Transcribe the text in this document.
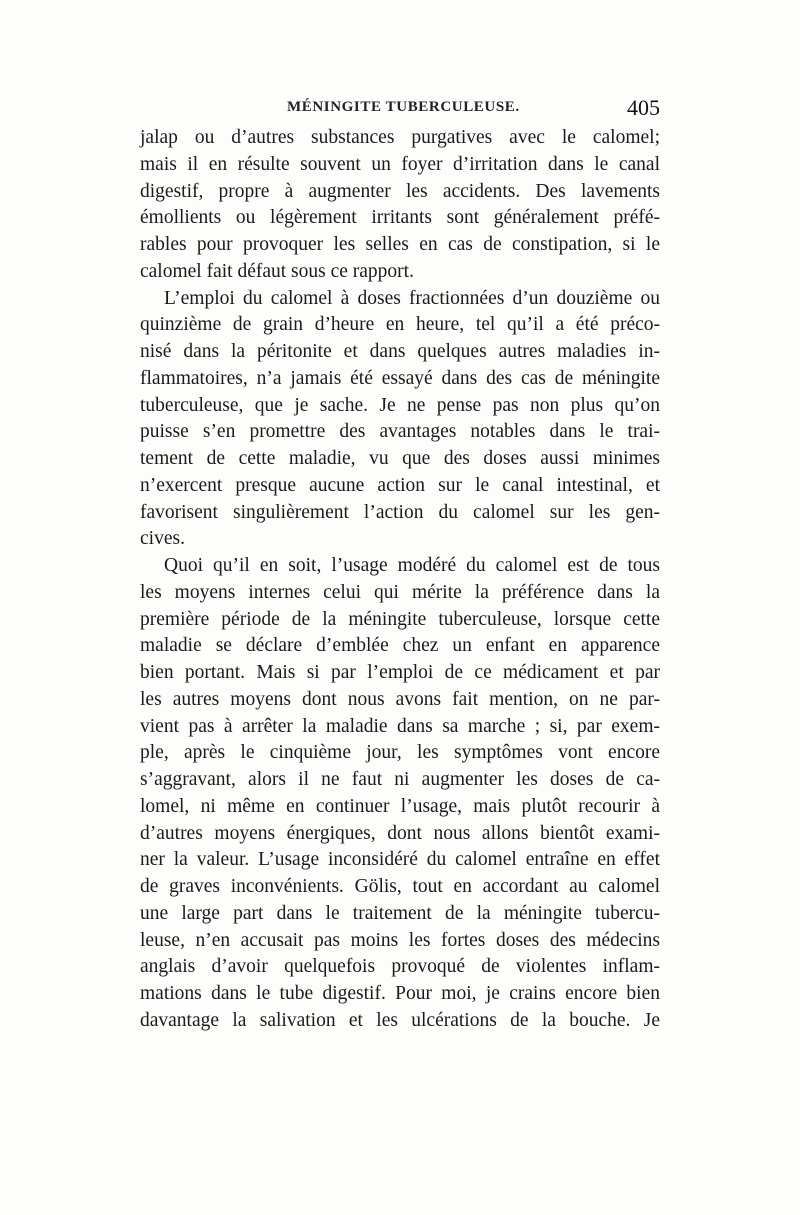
MÉNINGITE TUBERCULEUSE.	405
jalap ou d’autres substances purgatives avec le calomel;
mais il en résulte souvent un foyer d’irritation dans le canal
digestif, propre à augmenter les accidents. Des lavements
émollients ou légèrement irritants sont généralement préfé-
rables pour provoquer les selles en cas de constipation, si le
calomel fait défaut sous ce rapport.
L’emploi du calomel à doses fractionnées d’un douzième ou
quinzième de grain d’heure en heure, tel qu’il a été préco-
nisé dans la péritonite et dans quelques autres maladies in-
flammatoires, n’a jamais été essayé dans des cas de méningite
tuberculeuse, que je sache. Je ne pense pas non plus qu’on
puisse s’en promettre des avantages notables dans le trai-
tement de cette maladie, vu que des doses aussi minimes
n’exercent presque aucune action sur le canal intestinal, et
favorisent singulièrement l’action du calomel sur les gen-
cives.
Quoi qu’il en soit, l’usage modéré du calomel est de tous
les moyens internes celui qui mérite la préférence dans la
première période de la méningite tuberculeuse, lorsque cette
maladie se déclare d’emblée chez un enfant en apparence
bien portant. Mais si par l’emploi de ce médicament et par
les autres moyens dont nous avons fait mention, on ne par-
vient pas à arrêter la maladie dans sa marche ; si, par exem-
ple, après le cinquième jour, les symptômes vont encore
s’aggravant, alors il ne faut ni augmenter les doses de ca-
lomel, ni même en continuer l’usage, mais plutôt recourir à
d’autres moyens énergiques, dont nous allons bientôt exami-
ner la valeur. L’usage inconsidéré du calomel entraîne en effet
de graves inconvénients. Gölis, tout en accordant au calomel
une large part dans le traitement de la méningite tubercu-
leuse, n’en accusait pas moins les fortes doses des médecins
anglais d’avoir quelquefois provoqué de violentes inflam-
mations dans le tube digestif. Pour moi, je crains encore bien
davantage la salivation et les ulcérations de la bouche. Je
